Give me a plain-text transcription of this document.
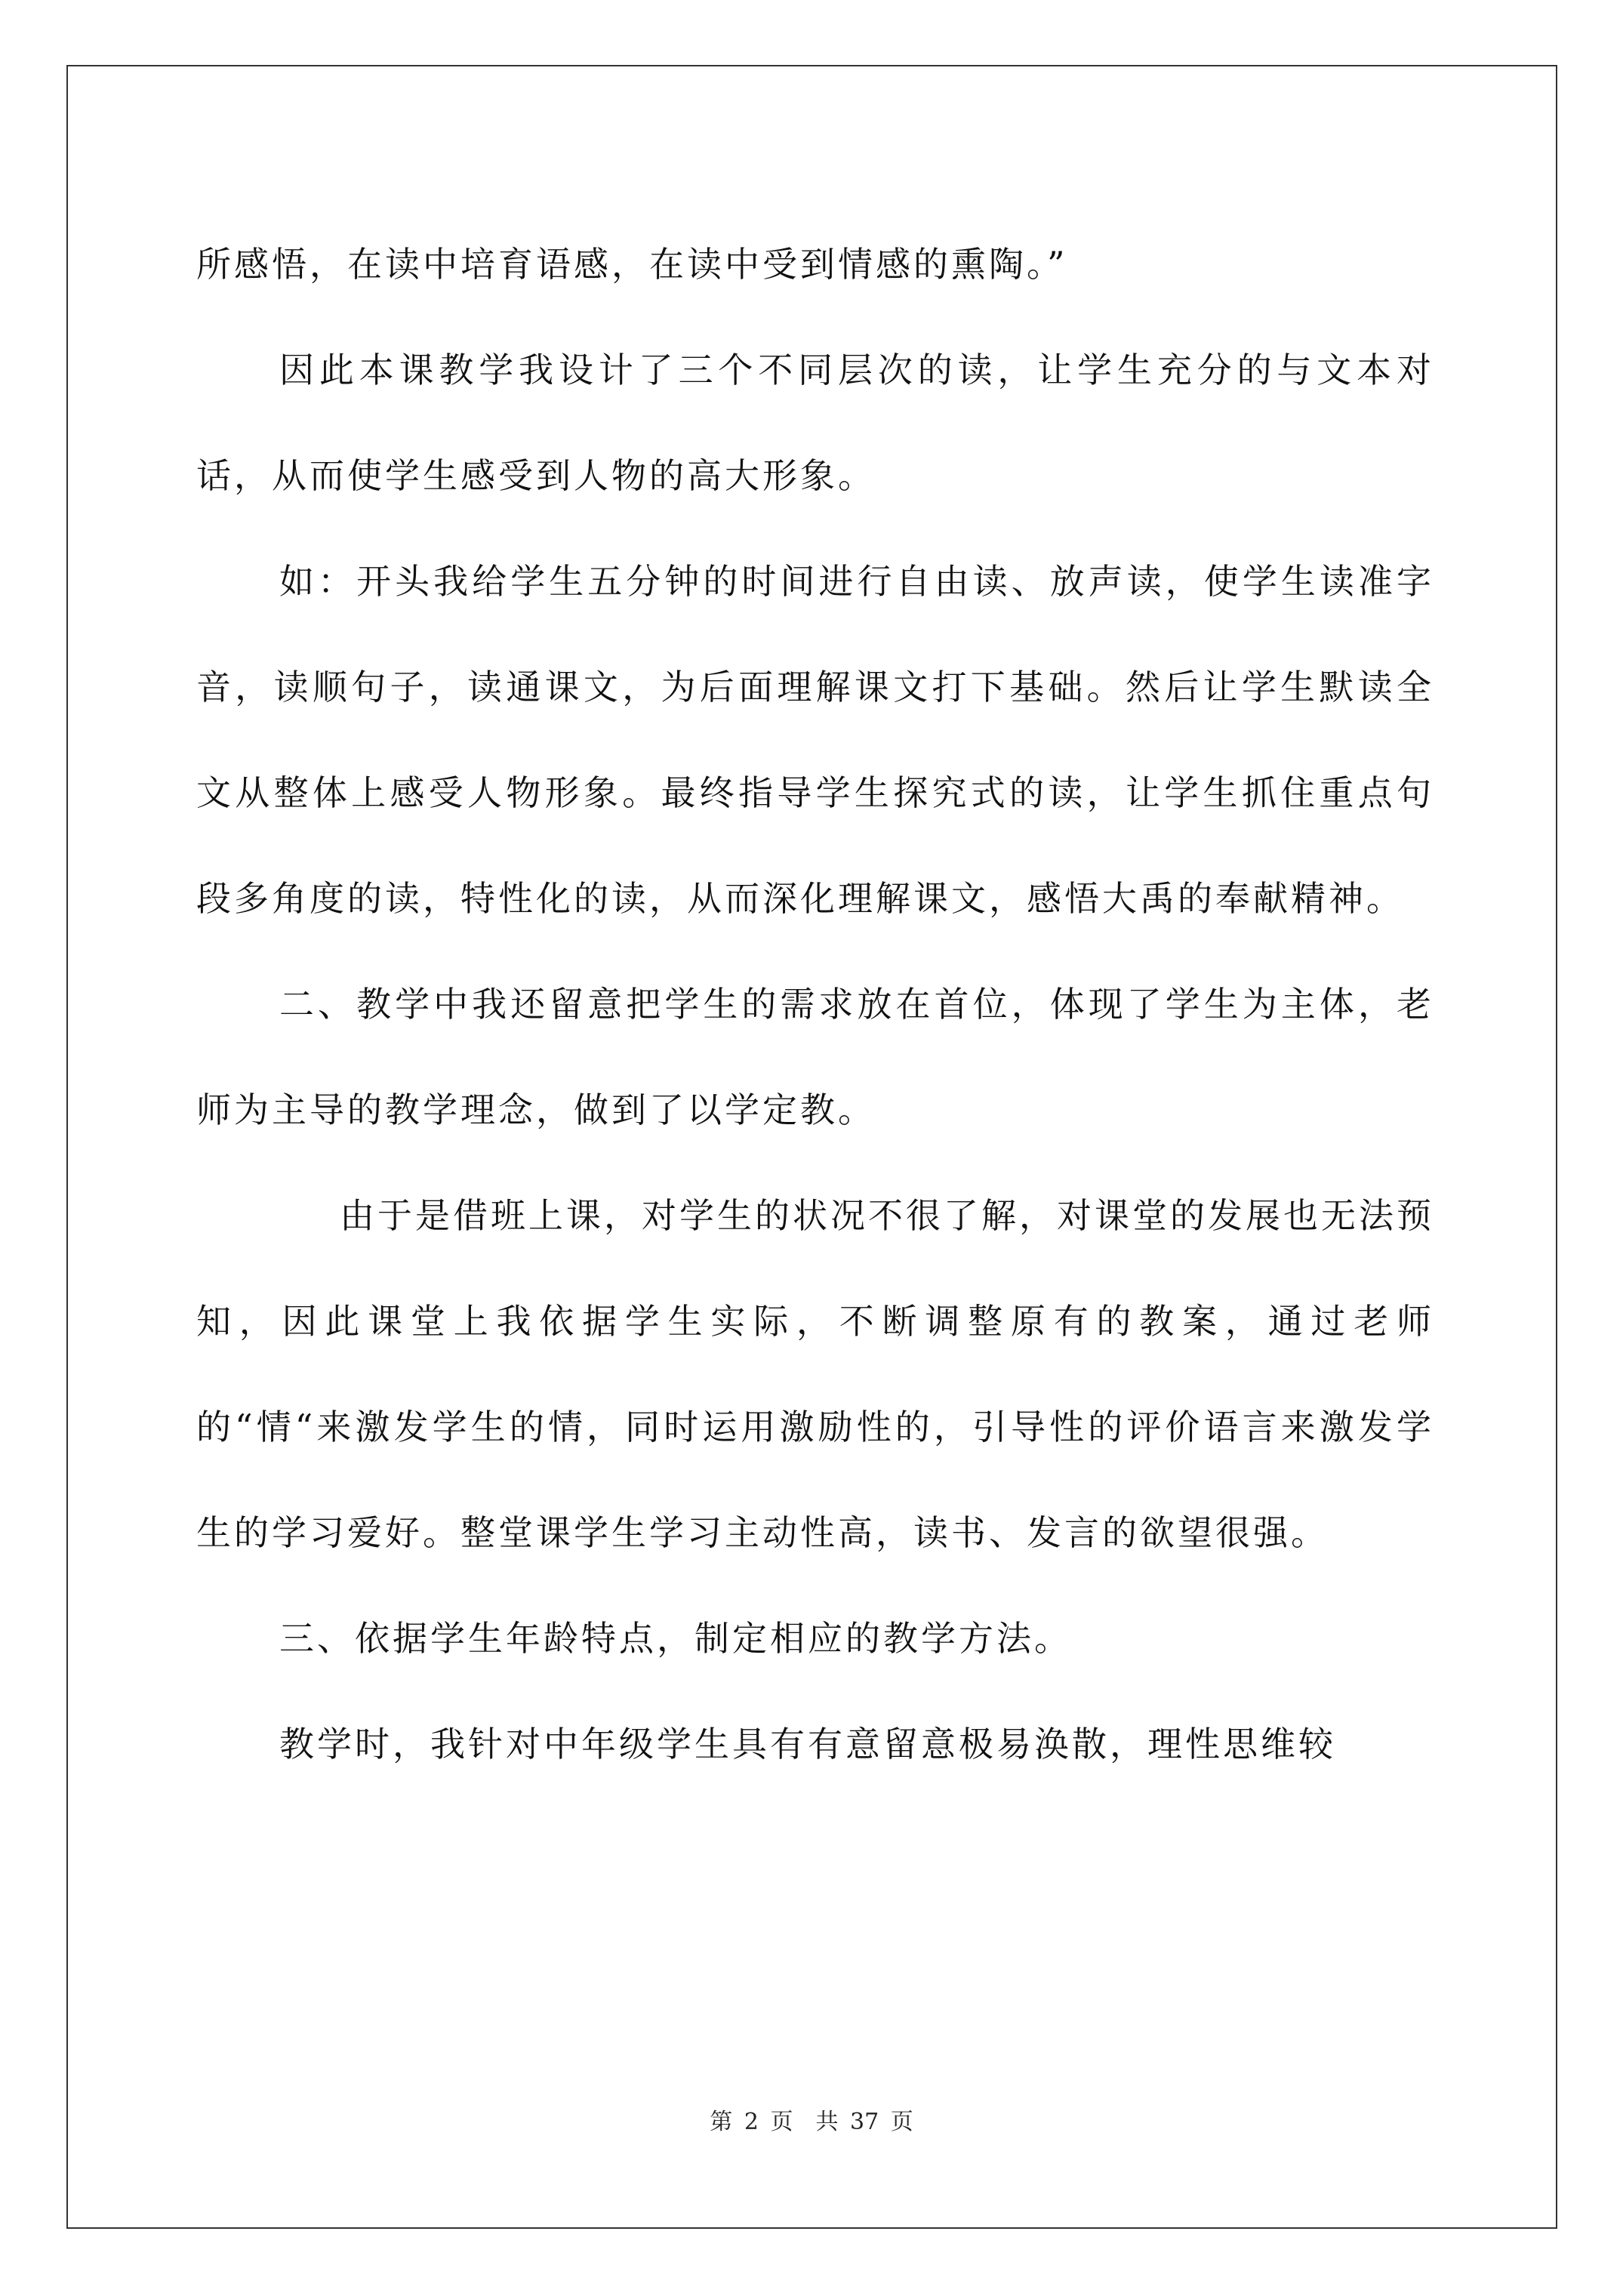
所感悟，在读中培育语感，在读中受到情感的熏陶。”

因此本课教学我设计了三个不同层次的读，让学生充分的与文本对话，从而使学生感受到人物的高大形象。

如：开头我给学生五分钟的时间进行自由读、放声读，使学生读准字音，读顺句子，读通课文，为后面理解课文打下基础。然后让学生默读全文从整体上感受人物形象。最终指导学生探究式的读，让学生抓住重点句段多角度的读，特性化的读，从而深化理解课文，感悟大禹的奉献精神。

二、教学中我还留意把学生的需求放在首位，体现了学生为主体，老师为主导的教学理念，做到了以学定教。

由于是借班上课，对学生的状况不很了解，对课堂的发展也无法预知，因此课堂上我依据学生实际，不断调整原有的教案，通过老师的“情“来激发学生的情，同时运用激励性的，引导性的评价语言来激发学生的学习爱好。整堂课学生学习主动性高，读书、发言的欲望很强。

三、依据学生年龄特点，制定相应的教学方法。

教学时，我针对中年级学生具有有意留意极易涣散，理性思维较

第 2 页　共 37 页
